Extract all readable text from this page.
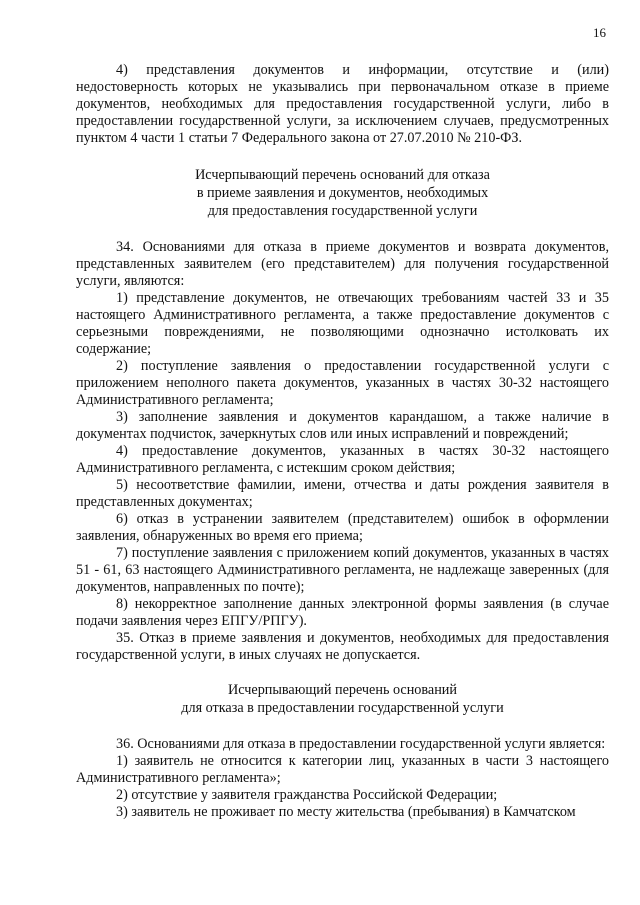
16

4) представления документов и информации, отсутствие и (или) недостоверность которых не указывались при первоначальном отказе в приеме документов, необходимых для предоставления государственной услуги, либо в предоставлении государственной услуги, за исключением случаев, предусмотренных пунктом 4 части 1 статьи 7 Федерального закона от 27.07.2010 № 210-ФЗ.

Исчерпывающий перечень оснований для отказа
в приеме заявления и документов, необходимых
для предоставления государственной услуги

34. Основаниями для отказа в приеме документов и возврата документов, представленных заявителем (его представителем) для получения государственной услуги, являются:

1) представление документов, не отвечающих требованиям частей 33 и 35 настоящего Административного регламента, а также предоставление документов с серьезными повреждениями, не позволяющими однозначно истолковать их содержание;

2) поступление заявления о предоставлении государственной услуги с приложением неполного пакета документов, указанных в частях 30-32 настоящего Административного регламента;

3) заполнение заявления и документов карандашом, а также наличие в документах подчисток, зачеркнутых слов или иных исправлений и повреждений;

4) предоставление документов, указанных в частях 30-32 настоящего Административного регламента, с истекшим сроком действия;

5) несоответствие фамилии, имени, отчества и даты рождения заявителя в представленных документах;

6) отказ в устранении заявителем (представителем) ошибок в оформлении заявления, обнаруженных во время его приема;

7) поступление заявления с приложением копий документов, указанных в частях 51 - 61, 63 настоящего Административного регламента, не надлежаще заверенных (для документов, направленных по почте);

8) некорректное заполнение данных электронной формы заявления (в случае подачи заявления через ЕПГУ/РПГУ).

35. Отказ в приеме заявления и документов, необходимых для предоставления государственной услуги, в иных случаях не допускается.

Исчерпывающий перечень оснований
для отказа в предоставлении государственной услуги

36. Основаниями для отказа в предоставлении государственной услуги является:

1) заявитель не относится к категории лиц, указанных в части 3 настоящего Административного регламента»;

2) отсутствие у заявителя гражданства Российской Федерации;

3) заявитель не проживает по месту жительства (пребывания) в Камчатском
